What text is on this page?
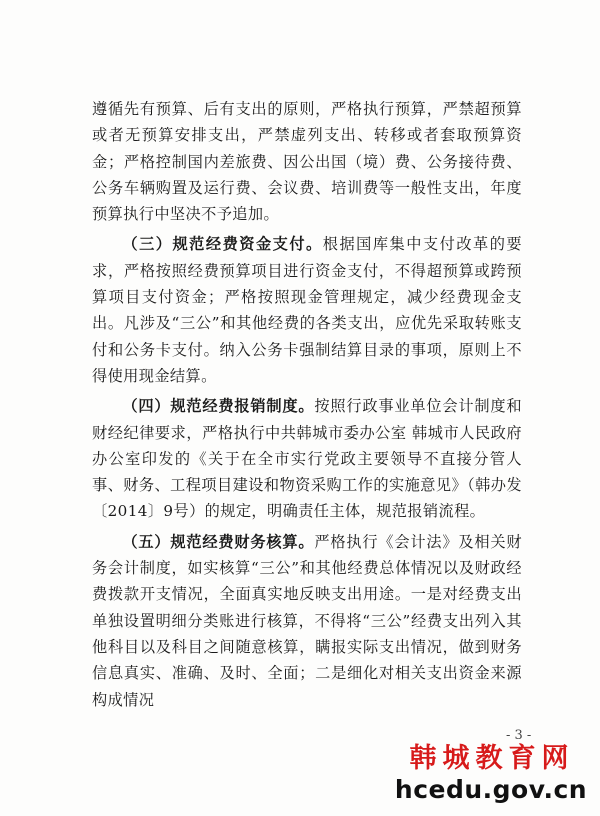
遵循先有预算、后有支出的原则，严格执行预算，严禁超预算或者无预算安排支出，严禁虚列支出、转移或者套取预算资金；严格控制国内差旅费、因公出国（境）费、公务接待费、公务车辆购置及运行费、会议费、培训费等一般性支出，年度预算执行中坚决不予追加。

（三）规范经费资金支付。根据国库集中支付改革的要求，严格按照经费预算项目进行资金支付，不得超预算或跨预算项目支付资金；严格按照现金管理规定，减少经费现金支出。凡涉及“三公”和其他经费的各类支出，应优先采取转账支付和公务卡支付。纳入公务卡强制结算目录的事项，原则上不得使用现金结算。

（四）规范经费报销制度。按照行政事业单位会计制度和财经纪律要求，严格执行中共韩城市委办公室 韩城市人民政府办公室印发的《关于在全市实行党政主要领导不直接分管人事、财务、工程项目建设和物资采购工作的实施意见》（韩办发〔2014〕9号）的规定，明确责任主体，规范报销流程。

（五）规范经费财务核算。严格执行《会计法》及相关财务会计制度，如实核算“三公”和其他经费总体情况以及财政经费拨款开支情况，全面真实地反映支出用途。一是对经费支出单独设置明细分类账进行核算，不得将“三公”经费支出列入其他科目以及科目之间随意核算，瞒报实际支出情况，做到财务信息真实、准确、及时、全面；二是细化对相关支出资金来源构成情况

- 3 -
韩城教育网
hcedu.gov.cn
